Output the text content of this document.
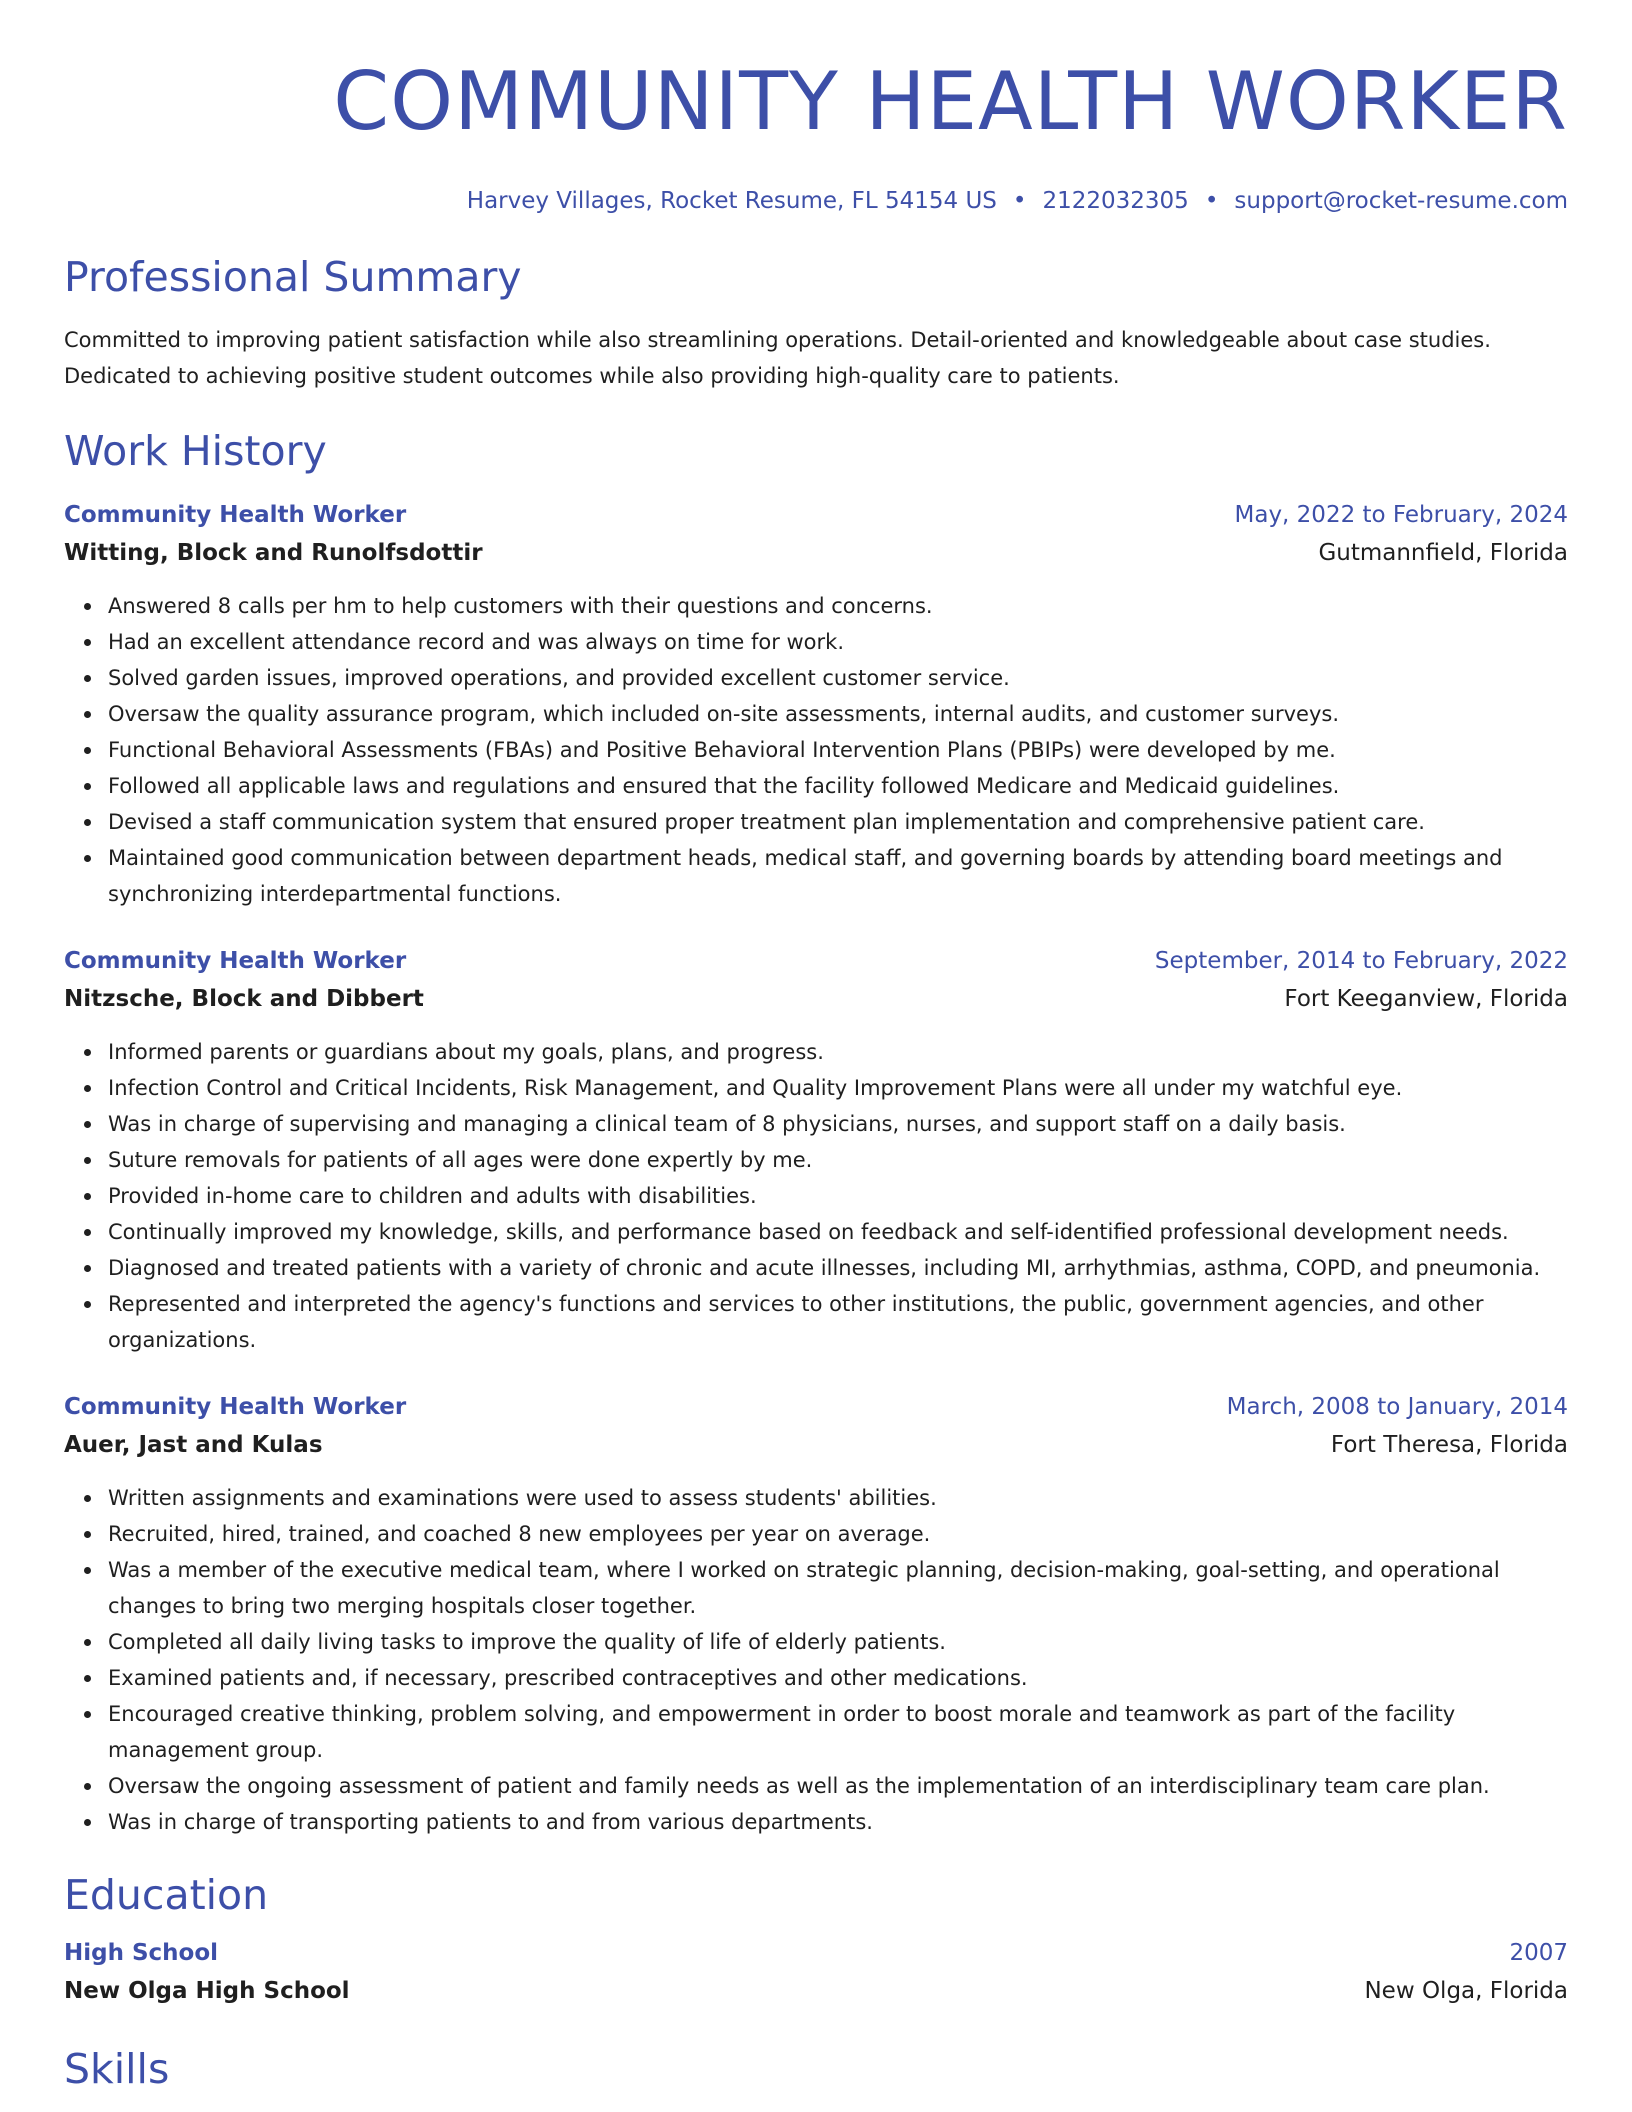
COMMUNITY HEALTH WORKER
Harvey Villages, Rocket Resume, FL 54154 US • 2122032305 • support@rocket-resume.com
Professional Summary
Committed to improving patient satisfaction while also streamlining operations. Detail-oriented and knowledgeable about case studies. Dedicated to achieving positive student outcomes while also providing high-quality care to patients.
Work History
Community Health Worker	May, 2022 to February, 2024
Witting, Block and Runolfsdottir	Gutmannfield, Florida
Answered 8 calls per hm to help customers with their questions and concerns.
Had an excellent attendance record and was always on time for work.
Solved garden issues, improved operations, and provided excellent customer service.
Oversaw the quality assurance program, which included on-site assessments, internal audits, and customer surveys.
Functional Behavioral Assessments (FBAs) and Positive Behavioral Intervention Plans (PBIPs) were developed by me.
Followed all applicable laws and regulations and ensured that the facility followed Medicare and Medicaid guidelines.
Devised a staff communication system that ensured proper treatment plan implementation and comprehensive patient care.
Maintained good communication between department heads, medical staff, and governing boards by attending board meetings and synchronizing interdepartmental functions.
Community Health Worker	September, 2014 to February, 2022
Nitzsche, Block and Dibbert	Fort Keeganview, Florida
Informed parents or guardians about my goals, plans, and progress.
Infection Control and Critical Incidents, Risk Management, and Quality Improvement Plans were all under my watchful eye.
Was in charge of supervising and managing a clinical team of 8 physicians, nurses, and support staff on a daily basis.
Suture removals for patients of all ages were done expertly by me.
Provided in-home care to children and adults with disabilities.
Continually improved my knowledge, skills, and performance based on feedback and self-identified professional development needs.
Diagnosed and treated patients with a variety of chronic and acute illnesses, including MI, arrhythmias, asthma, COPD, and pneumonia.
Represented and interpreted the agency's functions and services to other institutions, the public, government agencies, and other organizations.
Community Health Worker	March, 2008 to January, 2014
Auer, Jast and Kulas	Fort Theresa, Florida
Written assignments and examinations were used to assess students' abilities.
Recruited, hired, trained, and coached 8 new employees per year on average.
Was a member of the executive medical team, where I worked on strategic planning, decision-making, goal-setting, and operational changes to bring two merging hospitals closer together.
Completed all daily living tasks to improve the quality of life of elderly patients.
Examined patients and, if necessary, prescribed contraceptives and other medications.
Encouraged creative thinking, problem solving, and empowerment in order to boost morale and teamwork as part of the facility management group.
Oversaw the ongoing assessment of patient and family needs as well as the implementation of an interdisciplinary team care plan.
Was in charge of transporting patients to and from various departments.
Education
High School	2007
New Olga High School	New Olga, Florida
Skills
